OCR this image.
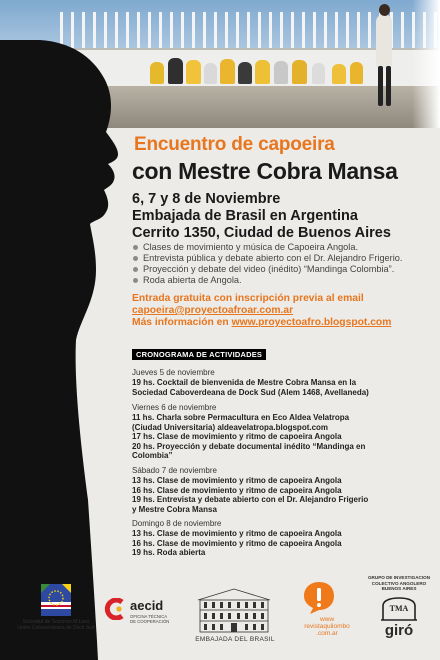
Encuentro de capoeira
con Mestre Cobra Mansa
6, 7 y 8 de Noviembre
Embajada de Brasil en Argentina
Cerrito 1350, Ciudad de Buenos Aires
Clases de movimiento y música de Capoeira Angola.
Entrevista pública y debate abierto con el Dr. Alejandro Frigerio.
Proyección y debate del video (inédito) “Mandinga Colombia”.
Roda abierta de Angola.
Entrada gratuita con inscripción previa al email
capoeira@proyectoafroar.com.ar
Más información en www.proyectoafro.blogspot.com
CRONOGRAMA DE ACTIVIDADES
Jueves 5 de noviembre
19 hs. Cocktail de bienvenida de Mestre Cobra Mansa en la
Sociedad Caboverdeana de Dock Sud (Alem 1468, Avellaneda)
Viernes 6 de noviembre
11 hs. Charla sobre Permacultura en Eco Aldea Velatropa
(Ciudad Universitaria) aldeavelatropa.blogspot.com
17 hs. Clase de movimiento y ritmo de capoeira Angola
20 hs. Proyección y debate documental inédito “Mandinga en
Colombia”
Sábado 7 de noviembre
13 hs. Clase de movimiento y ritmo de capoeira Angola
16 hs. Clase de movimiento y ritmo de capoeira Angola
19 hs. Entrevista y debate abierto con el Dr. Alejandro Frigerio
y Mestre Cobra Mansa
Domingo 8 de noviembre
13 hs. Clase de movimiento y ritmo de capoeira Angola
16 hs. Clase de movimiento y ritmo de capoeira Angola
19 hs. Roda abierta
Sociedad de Socorros M.Luos
Unión Caboverdeana de Dock Sud
aecid
OFICINA TÉCNICA
DE COOPERACIÓN
EMBAJADA DEL BRASIL
www
revistaquilombo
.com.ar
GRUPO DE INVESTIGACION
COLECTIVO ANGOLERO
BUENOS AIRES
TMA
giró
